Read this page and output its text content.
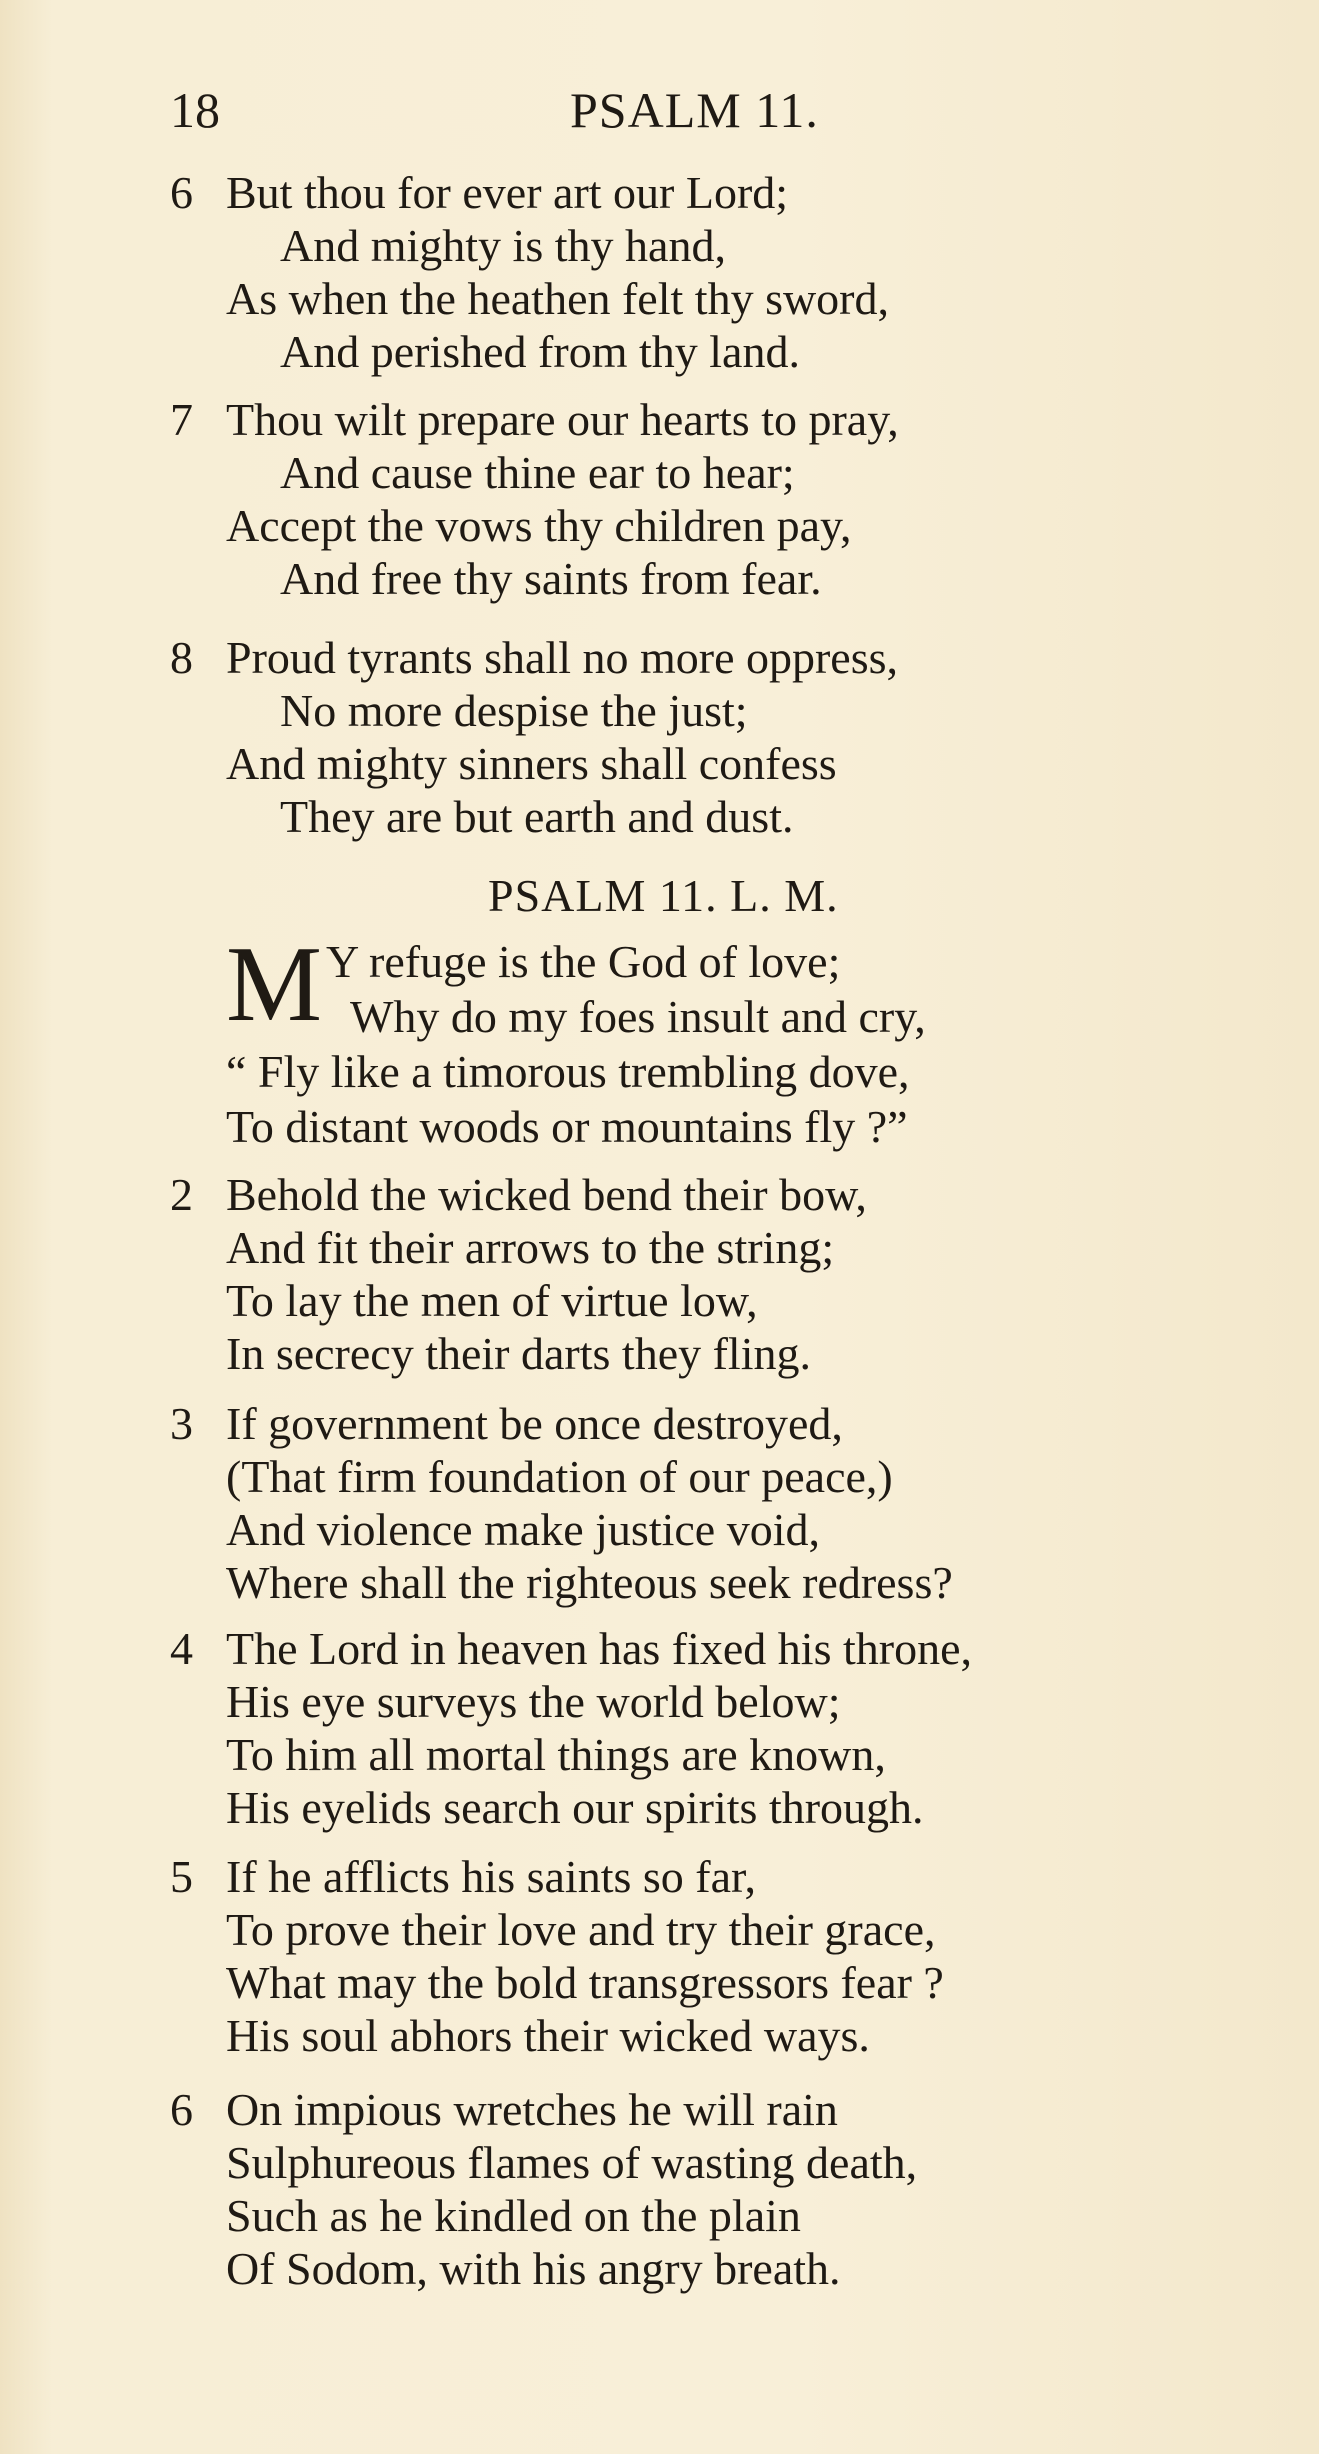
18	PSALM 11.
6 But thou for ever art our Lord;
And mighty is thy hand,
As when the heathen felt thy sword,
And perished from thy land.
7 Thou wilt prepare our hearts to pray,
And cause thine ear to hear;
Accept the vows thy children pay,
And free thy saints from fear.
8 Proud tyrants shall no more oppress,
No more despise the just;
And mighty sinners shall confess
They are but earth and dust.
PSALM 11. L. M.
M Y refuge is the God of love;
Why do my foes insult and cry,
“ Fly like a timorous trembling dove,
To distant woods or mountains fly ?”
2 Behold the wicked bend their bow,
And fit their arrows to the string;
To lay the men of virtue low,
In secrecy their darts they fling.
3 If government be once destroyed,
(That firm foundation of our peace,)
And violence make justice void,
Where shall the righteous seek redress?
4 The Lord in heaven has fixed his throne,
His eye surveys the world below;
To him all mortal things are known,
His eyelids search our spirits through.
5 If he afflicts his saints so far,
To prove their love and try their grace,
What may the bold transgressors fear ?
His soul abhors their wicked ways.
6 On impious wretches he will rain
Sulphureous flames of wasting death,
Such as he kindled on the plain
Of Sodom, with his angry breath.
